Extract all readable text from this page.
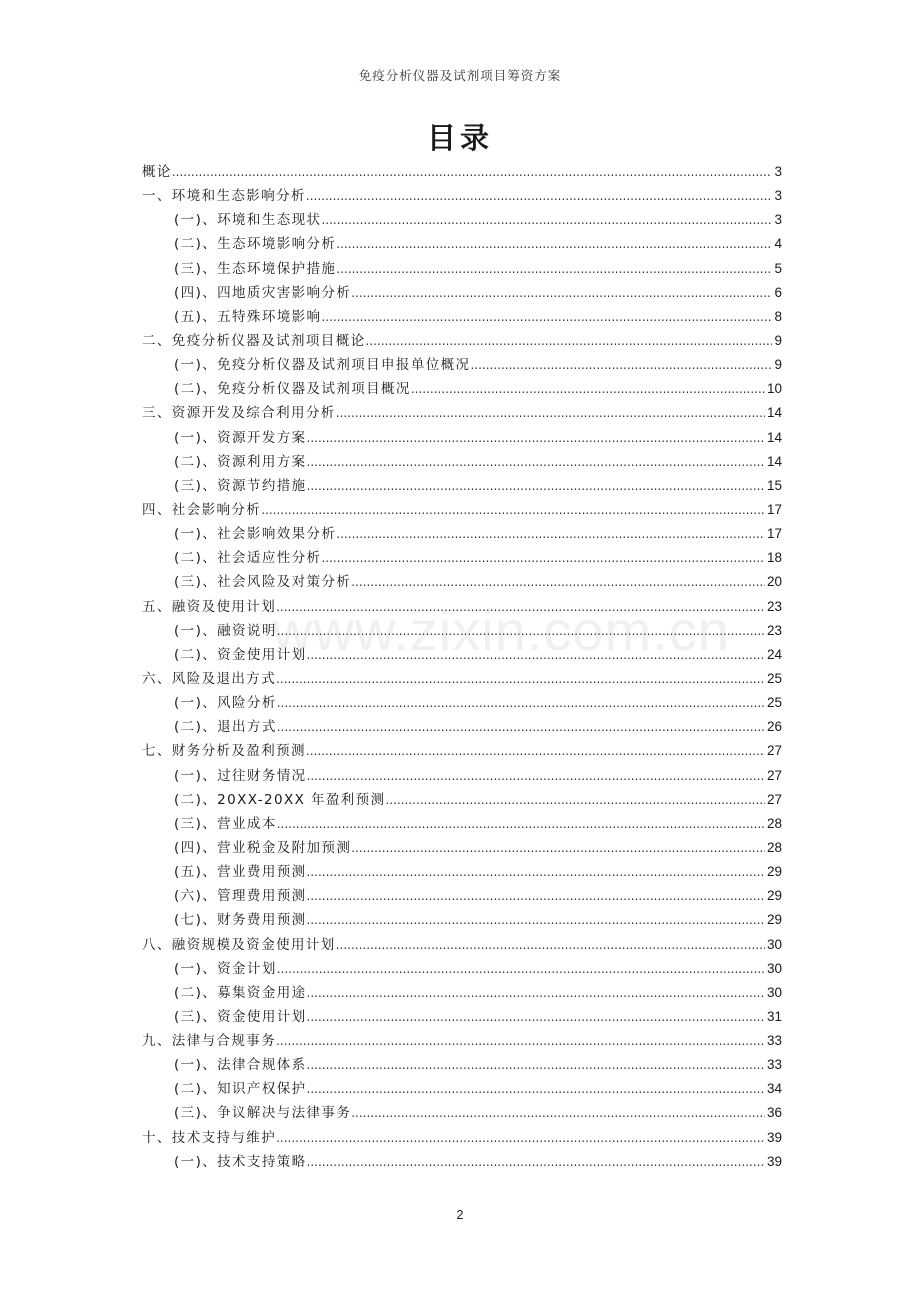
免疫分析仪器及试剂项目筹资方案
目录
概论 .....	3
一、环境和生态影响分析 .....	3
(一)、环境和生态现状 .....	3
(二)、生态环境影响分析 .....	4
(三)、生态环境保护措施 .....	5
(四)、四地质灾害影响分析 .....	6
(五)、五特殊环境影响 .....	8
二、免疫分析仪器及试剂项目概论 .....	9
(一)、免疫分析仪器及试剂项目申报单位概况 .....	9
(二)、免疫分析仪器及试剂项目概况 .....	10
三、资源开发及综合利用分析 .....	14
(一)、资源开发方案 .....	14
(二)、资源利用方案 .....	14
(三)、资源节约措施 .....	15
四、社会影响分析 .....	17
(一)、社会影响效果分析 .....	17
(二)、社会适应性分析 .....	18
(三)、社会风险及对策分析 .....	20
五、融资及使用计划 .....	23
(一)、融资说明 .....	23
(二)、资金使用计划 .....	24
六、风险及退出方式 .....	25
(一)、风险分析 .....	25
(二)、退出方式 .....	26
七、财务分析及盈利预测 .....	27
(一)、过往财务情况 .....	27
(二)、20XX-20XX 年盈利预测 .....	27
(三)、营业成本 .....	28
(四)、营业税金及附加预测 .....	28
(五)、营业费用预测 .....	29
(六)、管理费用预测 .....	29
(七)、财务费用预测 .....	29
八、融资规模及资金使用计划 .....	30
(一)、资金计划 .....	30
(二)、募集资金用途 .....	30
(三)、资金使用计划 .....	31
九、法律与合规事务 .....	33
(一)、法律合规体系 .....	33
(二)、知识产权保护 .....	34
(三)、争议解决与法律事务 .....	36
十、技术支持与维护 .....	39
(一)、技术支持策略 .....	39
www.zixin.com.cn
2
